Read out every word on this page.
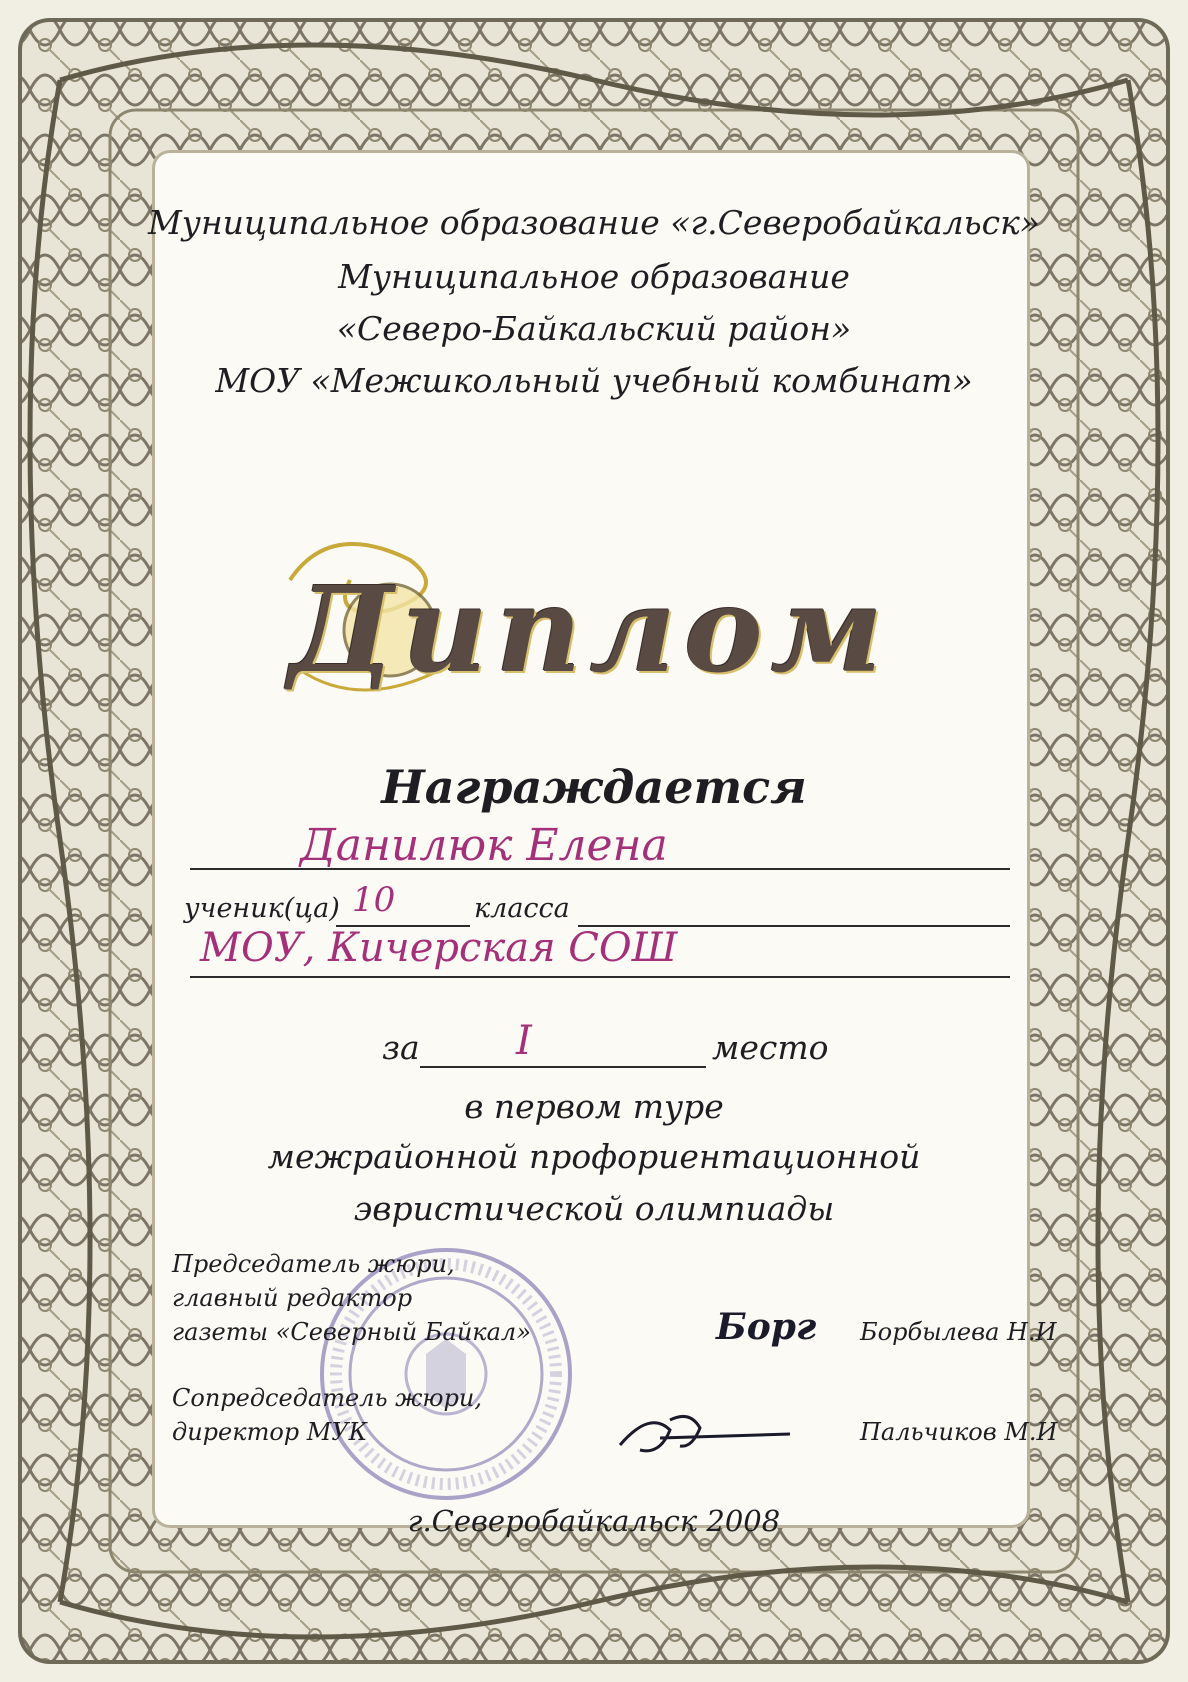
Муниципальное образование «г.Северобайкальск»
Муниципальное образование
«Северо-Байкальский район»
МОУ «Межшкольный учебный комбинат»
Диплом
Награждается
Данилюк Елена
ученик(ца) 10	класса
МОУ, Кичерская СОШ
за I	место
в первом туре
межрайонной профориентационной
эвристической олимпиады
Председатель жюри,
главный редактор
газеты «Северный Байкал»	Борг Борбылева Н.И
Сопредседатель жюри,
директор МУК	Пальчиков М.И
г.Северобайкальск 2008
